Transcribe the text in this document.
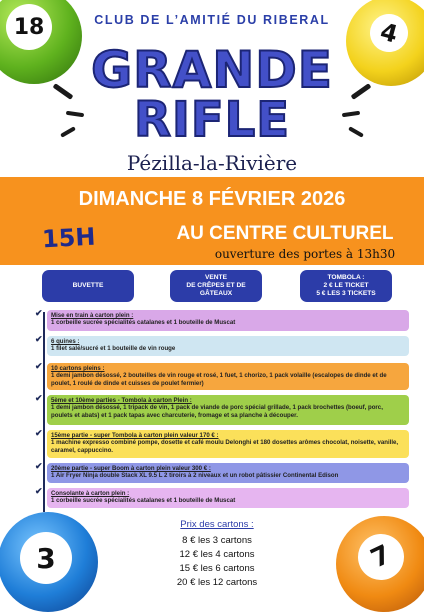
18	4
3	7
CLUB DE L’AMITIÉ DU RIBERAL
GRANDE
RIFLE
Pézilla-la-Rivière
DIMANCHE 8 FÉVRIER 2026
15H	AU CENTRE CULTUREL
ouverture des portes à 13h30
BUVETTE
VENTE
DE CRÊPES ET DE GÂTEAUX
TOMBOLA :
2 € LE TICKET
5 € LES 3 TICKETS
✔ Mise en train à carton plein :
1 corbeille sucrée spécialités catalanes et 1 bouteille de Muscat
✔ 6 quines :
1 filet salé/sucré et 1 bouteille de vin rouge
✔ 10 cartons pleins :
1 demi jambon désossé, 2 bouteilles de vin rouge et rosé, 1 fuet, 1 chorizo, 1 pack volaille (escalopes de dinde et de poulet, 1 roulé de dinde et cuisses de poulet fermier)
✔ 5ème et 10ème parties - Tombola à carton Plein :
1 demi jambon désossé, 1 tripack de vin, 1 pack de viande de porc spécial grillade, 1 pack brochettes (boeuf, porc, poulets et abats) et 1 pack tapas avec charcuterie, fromage et sa planche à découper.
✔ 15ème partie - super Tombola à carton plein valeur 170 € :
1 machine expresso combiné pompe, dosette et café moulu Delonghi et 180 dosettes arômes chocolat, noisette, vanille, caramel, cappuccino.
✔ 20ème partie - super Boom à carton plein valeur 300 € :
1 Air Fryer Ninja double Stack XL 9.5 L 2 tiroirs à 2 niveaux et un robot pâtissier Continental Edison
✔ Consolante à carton plein :
1 corbeille sucrée spécialités catalanes et 1 bouteille de Muscat
Prix des cartons :
8 € les 3 cartons
12 € les 4 cartons
15 € les 6 cartons
20 € les 12 cartons
